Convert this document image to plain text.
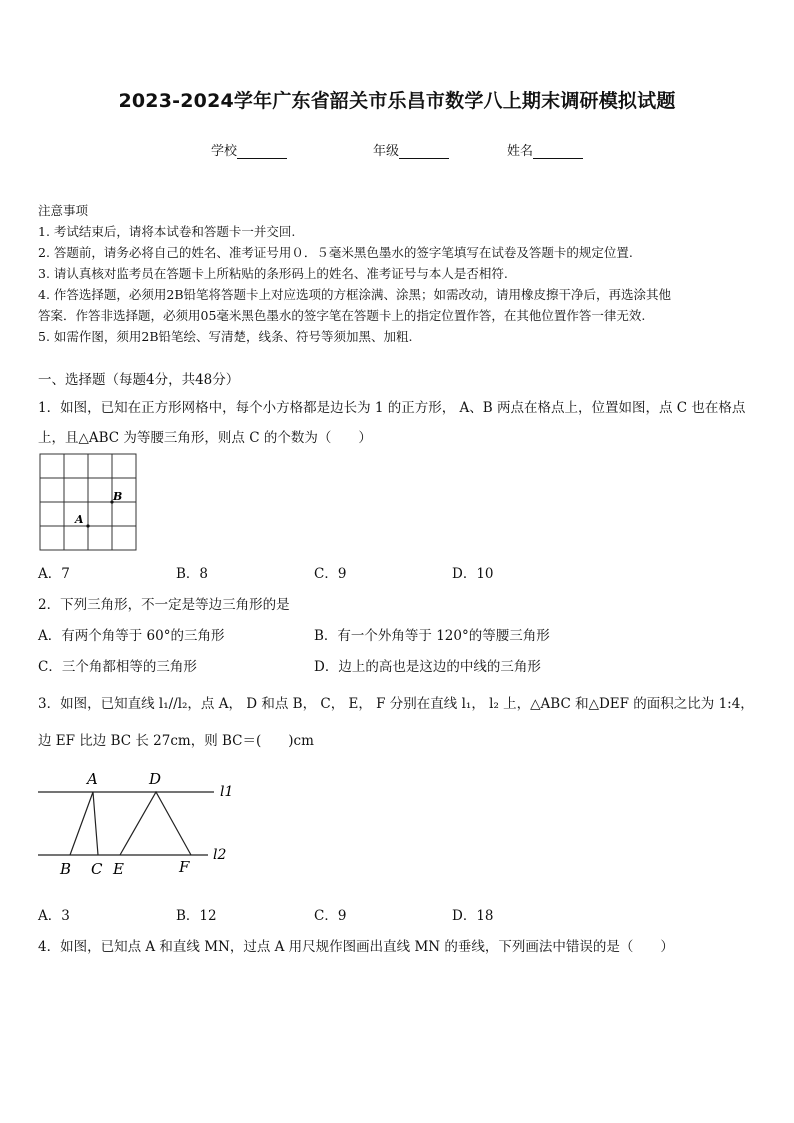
2023-2024学年广东省韶关市乐昌市数学八上期末调研模拟试题
学校	年级	姓名
注意事项
1. 考试结束后，请将本试卷和答题卡一并交回.
2. 答题前，请务必将自己的姓名、准考证号用０．５毫米黑色墨水的签字笔填写在试卷及答题卡的规定位置.
3. 请认真核对监考员在答题卡上所粘贴的条形码上的姓名、准考证号与本人是否相符.
4. 作答选择题，必须用2B铅笔将答题卡上对应选项的方框涂满、涂黑；如需改动，请用橡皮擦干净后，再选涂其他
答案．作答非选择题，必须用05毫米黑色墨水的签字笔在答题卡上的指定位置作答，在其他位置作答一律无效.
5. 如需作图，须用2B铅笔绘、写清楚，线条、符号等须加黑、加粗.
一、选择题（每题4分，共48分）
1．如图，已知在正方形网格中，每个小方格都是边长为 1 的正方形， A、B 两点在格点上，位置如图，点 C 也在格点
上，且△ABC 为等腰三角形，则点 C 的个数为（　　）
A
B
A．7	B．8	C．9	D．10
2．下列三角形，不一定是等边三角形的是
A．有两个角等于 60°的三角形	B．有一个外角等于 120°的等腰三角形
C．三个角都相等的三角形	D．边上的高也是这边的中线的三角形
3．如图，已知直线 l₁//l₂，点 A， D 和点 B， C， E， F 分别在直线 l₁， l₂ 上，△ABC 和△DEF 的面积之比为 1:4，
边 EF 比边 BC 长 27cm，则 BC＝(　　)cm
A	D
B C E	F
l1
l2
A．3	B．12	C．9	D．18
4．如图，已知点 A 和直线 MN，过点 A 用尺规作图画出直线 MN 的垂线，下列画法中错误的是（　　）
